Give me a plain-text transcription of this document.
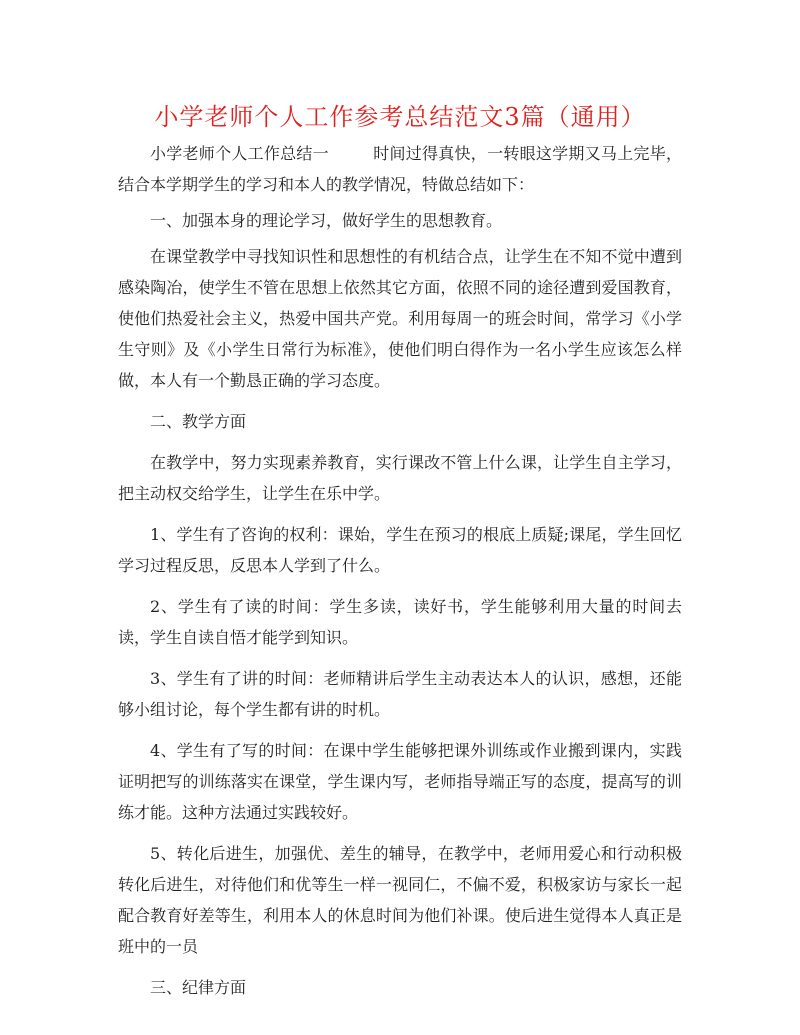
小学老师个人工作参考总结范文3篇（通用）

小学老师个人工作总结一	时间过得真快，一转眼这学期又马上完毕，结合本学期学生的学习和本人的教学情况，特做总结如下：

一、加强本身的理论学习，做好学生的思想教育。

在课堂教学中寻找知识性和思想性的有机结合点，让学生在不知不觉中遭到感染陶冶，使学生不管在思想上依然其它方面，依照不同的途径遭到爱国教育，使他们热爱社会主义，热爱中国共产党。利用每周一的班会时间，常学习《小学生守则》及《小学生日常行为标准》，使他们明白得作为一名小学生应该怎么样做，本人有一个勤恳正确的学习态度。

二、教学方面

在教学中，努力实现素养教育，实行课改不管上什么课，让学生自主学习，把主动权交给学生，让学生在乐中学。

1、学生有了咨询的权利：课始，学生在预习的根底上质疑;课尾，学生回忆学习过程反思，反思本人学到了什么。

2、学生有了读的时间：学生多读，读好书，学生能够利用大量的时间去读，学生自读自悟才能学到知识。

3、学生有了讲的时间：老师精讲后学生主动表达本人的认识，感想，还能够小组讨论，每个学生都有讲的时机。

4、学生有了写的时间：在课中学生能够把课外训练或作业搬到课内，实践证明把写的训练落实在课堂，学生课内写，老师指导端正写的态度，提高写的训练才能。这种方法通过实践较好。

5、转化后进生，加强优、差生的辅导，在教学中，老师用爱心和行动积极转化后进生，对待他们和优等生一样一视同仁，不偏不爱，积极家访与家长一起配合教育好差等生，利用本人的休息时间为他们补课。使后进生觉得本人真正是班中的一员

三、纪律方面
